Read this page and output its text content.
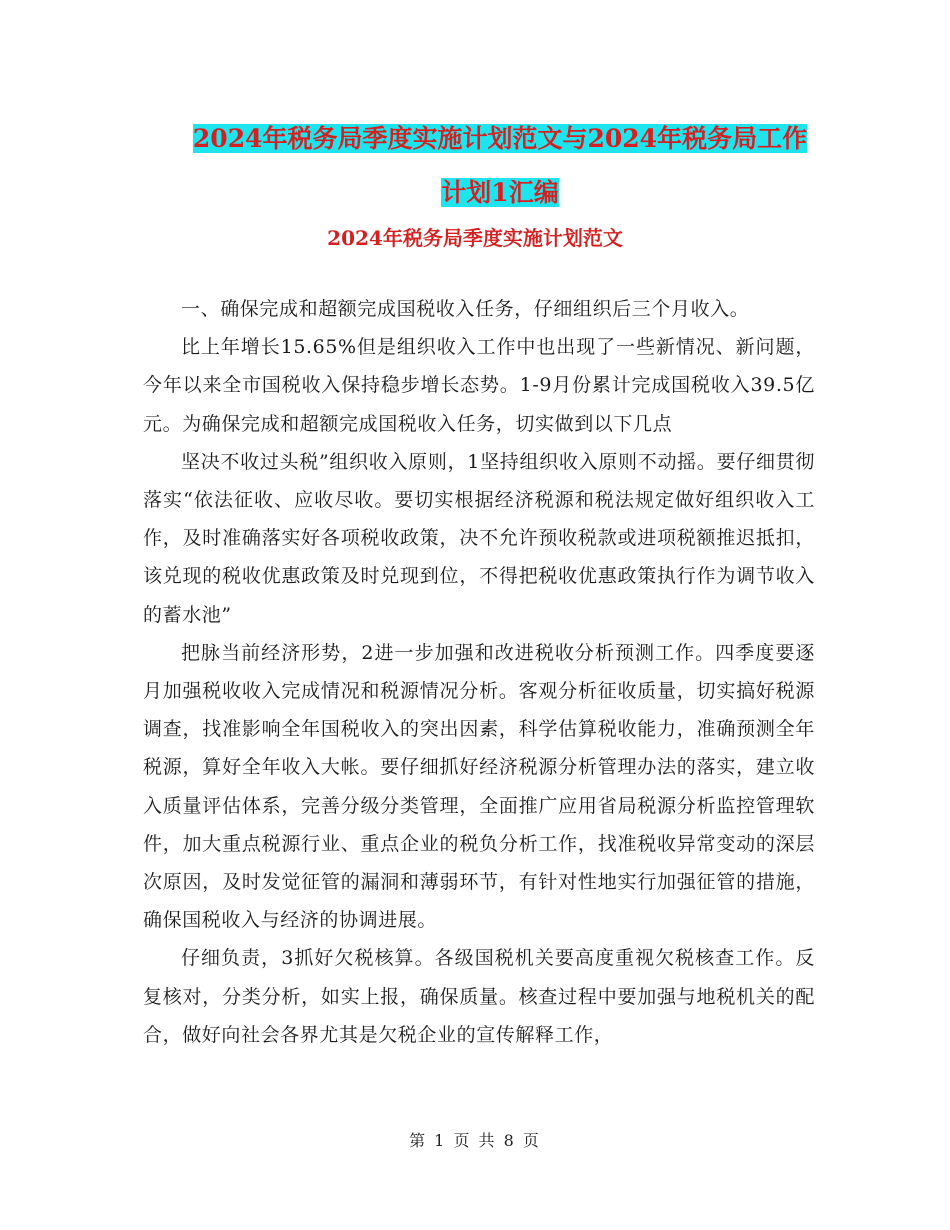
2024年税务局季度实施计划范文与2024年税务局工作
计划1汇编
2024年税务局季度实施计划范文

一、确保完成和超额完成国税收入任务，仔细组织后三个月收入。

比上年增长15.65%但是组织收入工作中也出现了一些新情况、新问题，今年以来全市国税收入保持稳步增长态势。1-9月份累计完成国税收入39.5亿元。为确保完成和超额完成国税收入任务，切实做到以下几点

坚决不收过头税”组织收入原则，1坚持组织收入原则不动摇。要仔细贯彻落实“依法征收、应收尽收。要切实根据经济税源和税法规定做好组织收入工作，及时准确落实好各项税收政策，决不允许预收税款或进项税额推迟抵扣，该兑现的税收优惠政策及时兑现到位，不得把税收优惠政策执行作为调节收入的蓄水池”

把脉当前经济形势，2进一步加强和改进税收分析预测工作。四季度要逐月加强税收收入完成情况和税源情况分析。客观分析征收质量，切实搞好税源调查，找准影响全年国税收入的突出因素，科学估算税收能力，准确预测全年税源，算好全年收入大帐。要仔细抓好经济税源分析管理办法的落实，建立收入质量评估体系，完善分级分类管理，全面推广应用省局税源分析监控管理软件，加大重点税源行业、重点企业的税负分析工作，找准税收异常变动的深层次原因，及时发觉征管的漏洞和薄弱环节，有针对性地实行加强征管的措施，确保国税收入与经济的协调进展。

仔细负责，3抓好欠税核算。各级国税机关要高度重视欠税核查工作。反复核对，分类分析，如实上报，确保质量。核查过程中要加强与地税机关的配合，做好向社会各界尤其是欠税企业的宣传解释工作，

第 1 页 共 8 页
